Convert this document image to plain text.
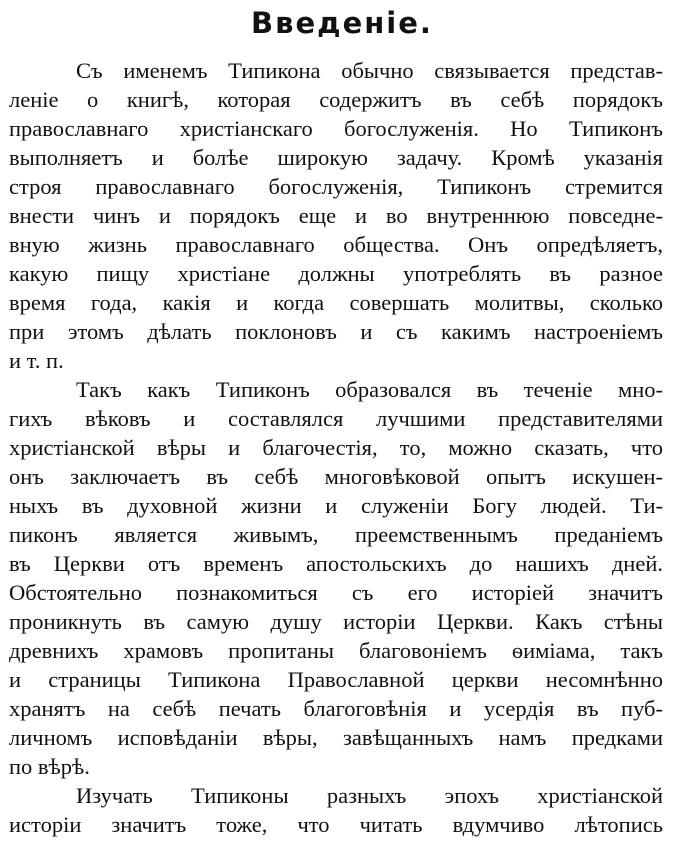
Введенiе.
Съ именемъ Типикона обычно связывается представ-
ленiе о книгѣ, которая содержитъ въ себѣ порядокъ
православнаго христiанскаго богослуженiя. Но Типиконъ
выполняетъ и болѣе широкую задачу. Кромѣ указанiя
строя православнаго богослуженiя, Типиконъ стремится
внести чинъ и порядокъ еще и во внутреннюю повседне-
вную жизнь православнаго общества. Онъ опредѣляетъ,
какую пищу христiане должны употреблять въ разное
время года, какiя и когда совершать молитвы, сколько
при этомъ дѣлать поклоновъ и съ какимъ настроенiемъ
и т. п.
Такъ какъ Типиконъ образовался въ теченiе мно-
гихъ вѣковъ и составлялся лучшими представителями
христiанской вѣры и благочестiя, то, можно сказать, что
онъ заключаетъ въ себѣ многовѣковой опытъ искушен-
ныхъ въ духовной жизни и служенiи Богу людей. Ти-
пиконъ является живымъ, преемственнымъ преданiемъ
въ Церкви отъ временъ апостольскихъ до нашихъ дней.
Обстоятельно познакомиться съ его исторiей значитъ
проникнуть въ самую душу исторiи Церкви. Какъ стѣны
древнихъ храмовъ пропитаны благовонiемъ ѳимiама, такъ
и страницы Типикона Православной церкви несомнѣнно
хранятъ на себѣ печать благоговѣнiя и усердiя въ пуб-
личномъ исповѣданiи вѣры, завѣщанныхъ намъ предками
по вѣрѣ.
Изучать Типиконы разныхъ эпохъ христiанской
исторiи значитъ тоже, что читать вдумчиво лѣтопись
